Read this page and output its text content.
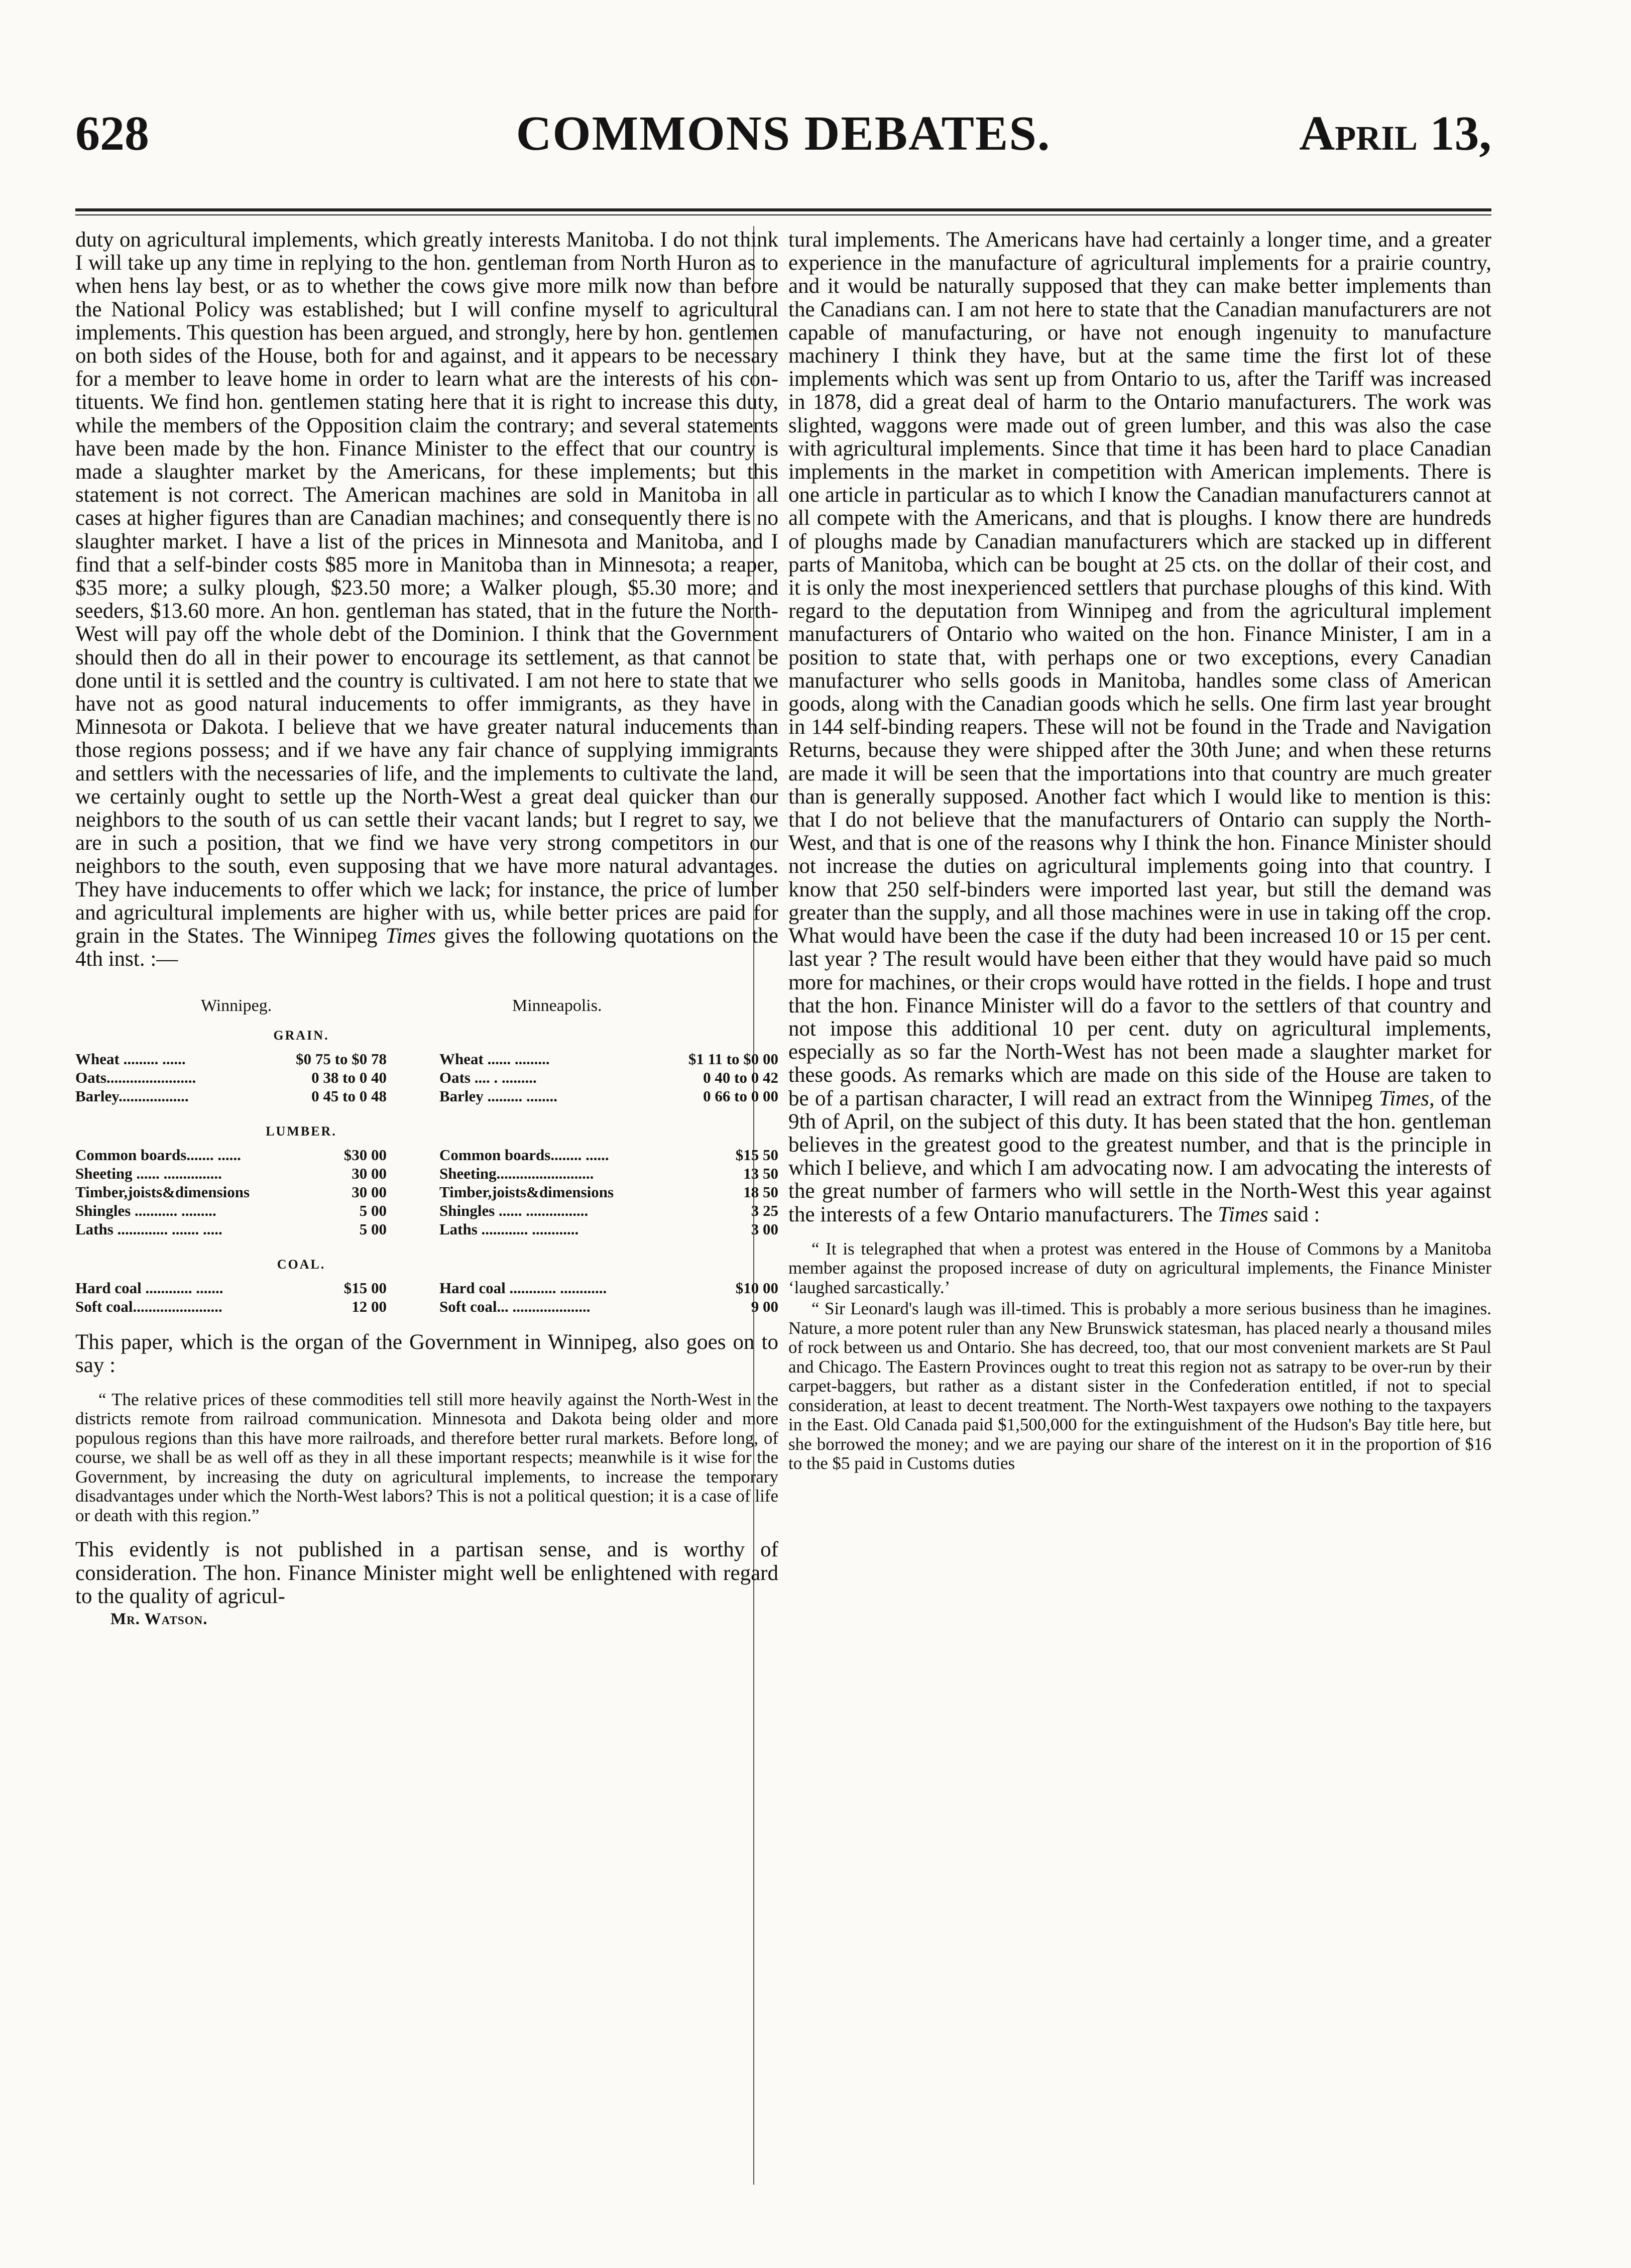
628	COMMONS DEBATES.	April 13,

duty on agricultural implements, which greatly interests Manitoba. I do not think I will take up any time in replying to the hon. gentleman from North Huron as to when hens lay best, or as to whether the cows give more milk now than before the National Policy was established; but I will confine myself to agricultural implements. This question has been argued, and strongly, here by hon. gentlemen on both sides of the House, both for and against, and it appears to be necessary for a member to leave home in order to learn what are the interests of his con-tituents. We find hon. gentlemen stating here that it is right to increase this duty, while the members of the Opposition claim the contrary; and several statements have been made by the hon. Finance Minister to the effect that our country is made a slaughter market by the Americans, for these implements; but this statement is not correct. The American machines are sold in Manitoba in all cases at higher figures than are Canadian machines; and consequently there is no slaughter market. I have a list of the prices in Minnesota and Manitoba, and I find that a self-binder costs $85 more in Manitoba than in Minnesota; a reaper, $35 more; a sulky plough, $23.50 more; a Walker plough, $5.30 more; and seeders, $13.60 more. An hon. gentleman has stated, that in the future the North-West will pay off the whole debt of the Dominion. I think that the Government should then do all in their power to encourage its settlement, as that cannot be done until it is settled and the country is cultivated. I am not here to state that we have not as good natural inducements to offer immigrants, as they have in Minnesota or Dakota. I believe that we have greater natural inducements than those regions possess; and if we have any fair chance of supplying immigrants and settlers with the necessaries of life, and the implements to cultivate the land, we certainly ought to settle up the North-West a great deal quicker than our neighbors to the south of us can settle their vacant lands; but I regret to say, we are in such a position, that we find we have very strong competitors in our neighbors to the south, even supposing that we have more natural advantages. They have inducements to offer which we lack; for instance, the price of lumber and agricultural implements are higher with us, while better prices are paid for grain in the States. The Winnipeg Times gives the following quotations on the 4th inst. :—

Winnipeg.	Minneapolis.
GRAIN.
Wheat ......... ......	$0 75 to $0 78	Wheat ...... .........	$1 11 to $0 00
Oats.......................	0 38 to 0 40	Oats .... . .........	0 40 to 0 42
Barley..................	0 45 to 0 48	Barley ......... ........	0 66 to 0 00
LUMBER.
Common boards....... ......	$30 00	Common boards........ ......	$15 50
Sheeting ...... ...............	30 00	Sheeting.........................	13 50
Timber,joists&dimensions	30 00	Timber,joists&dimensions	18 50
Shingles ........... .........	5 00	Shingles ...... ................	3 25
Laths ............. ....... .....	5 00	Laths ............ ............	3 00
COAL.
Hard coal ............ .......	$15 00	Hard coal ............ ............	$10 00
Soft coal.......................	12 00	Soft coal... ....................	9 00

This paper, which is the organ of the Government in Winnipeg, also goes on to say :

“ The relative prices of these commodities tell still more heavily against the North-West in the districts remote from railroad communication. Minnesota and Dakota being older and more populous regions than this have more railroads, and therefore better rural markets. Before long, of course, we shall be as well off as they in all these important respects; meanwhile is it wise for the Government, by increasing the duty on agricultural implements, to increase the temporary disadvantages under which the North-West labors? This is not a political question; it is a case of life or death with this region.”

This evidently is not published in a partisan sense, and is worthy of consideration. The hon. Finance Minister might well be enlightened with regard to the quality of agricul-

Mr. Watson.

tural implements. The Americans have had certainly a longer time, and a greater experience in the manufacture of agricultural implements for a prairie country, and it would be naturally supposed that they can make better implements than the Canadians can. I am not here to state that the Canadian manufacturers are not capable of manufacturing, or have not enough ingenuity to manufacture machinery I think they have, but at the same time the first lot of these implements which was sent up from Ontario to us, after the Tariff was increased in 1878, did a great deal of harm to the Ontario manufacturers. The work was slighted, waggons were made out of green lumber, and this was also the case with agricultural implements. Since that time it has been hard to place Canadian implements in the market in competition with American implements. There is one article in particular as to which I know the Canadian manufacturers cannot at all compete with the Americans, and that is ploughs. I know there are hundreds of ploughs made by Canadian manufacturers which are stacked up in different parts of Manitoba, which can be bought at 25 cts. on the dollar of their cost, and it is only the most inexperienced settlers that purchase ploughs of this kind. With regard to the deputation from Winnipeg and from the agricultural implement manufacturers of Ontario who waited on the hon. Finance Minister, I am in a position to state that, with perhaps one or two exceptions, every Canadian manufacturer who sells goods in Manitoba, handles some class of American goods, along with the Canadian goods which he sells. One firm last year brought in 144 self-binding reapers. These will not be found in the Trade and Navigation Returns, because they were shipped after the 30th June; and when these returns are made it will be seen that the importations into that country are much greater than is generally supposed. Another fact which I would like to mention is this: that I do not believe that the manufacturers of Ontario can supply the North-West, and that is one of the reasons why I think the hon. Finance Minister should not increase the duties on agricultural implements going into that country. I know that 250 self-binders were imported last year, but still the demand was greater than the supply, and all those machines were in use in taking off the crop. What would have been the case if the duty had been increased 10 or 15 per cent. last year ? The result would have been either that they would have paid so much more for machines, or their crops would have rotted in the fields. I hope and trust that the hon. Finance Minister will do a favor to the settlers of that country and not impose this additional 10 per cent. duty on agricultural implements, especially as so far the North-West has not been made a slaughter market for these goods. As remarks which are made on this side of the House are taken to be of a partisan character, I will read an extract from the Winnipeg Times, of the 9th of April, on the subject of this duty. It has been stated that the hon. gentleman believes in the greatest good to the greatest number, and that is the principle in which I believe, and which I am advocating now. I am advocating the interests of the great number of farmers who will settle in the North-West this year against the interests of a few Ontario manufacturers. The Times said :

“ It is telegraphed that when a protest was entered in the House of Commons by a Manitoba member against the proposed increase of duty on agricultural implements, the Finance Minister ‘laughed sarcastically.’

“ Sir Leonard's laugh was ill-timed. This is probably a more serious business than he imagines. Nature, a more potent ruler than any New Brunswick statesman, has placed nearly a thousand miles of rock between us and Ontario. She has decreed, too, that our most convenient markets are St Paul and Chicago. The Eastern Provinces ought to treat this region not as satrapy to be over-run by their carpet-baggers, but rather as a distant sister in the Confederation entitled, if not to special consideration, at least to decent treatment. The North-West taxpayers owe nothing to the taxpayers in the East. Old Canada paid $1,500,000 for the extinguishment of the Hudson's Bay title here, but she borrowed the money; and we are paying our share of the interest on it in the proportion of $16 to the $5 paid in Customs duties
